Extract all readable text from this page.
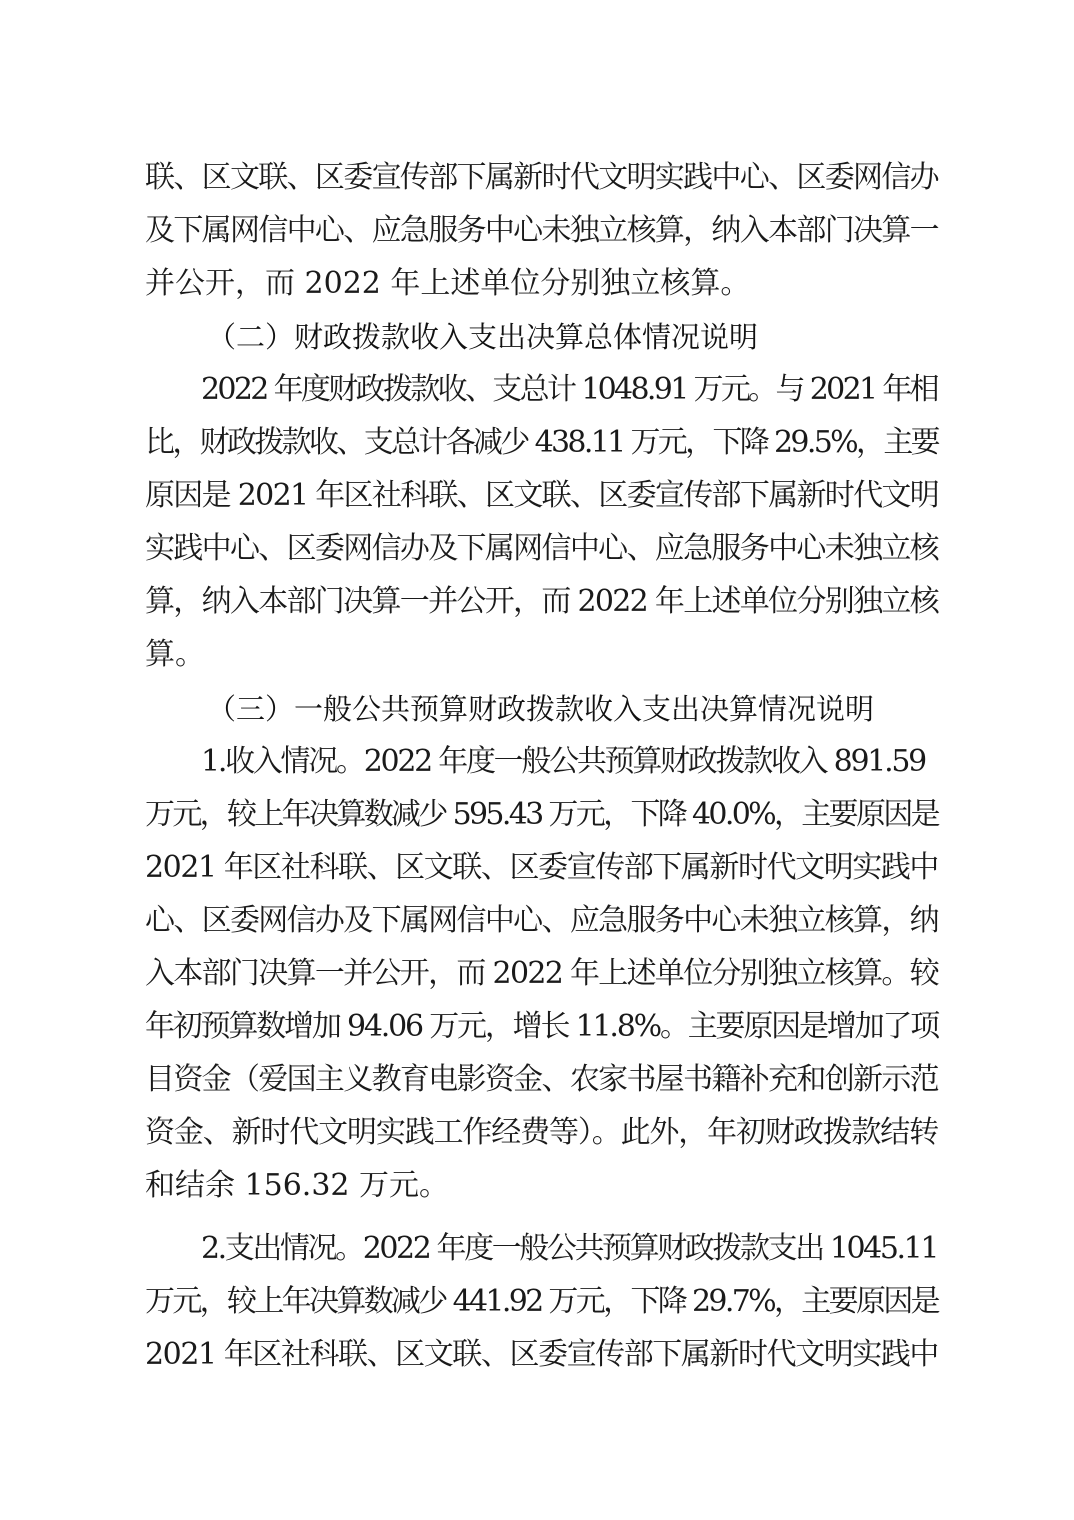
联、区文联、区委宣传部下属新时代文明实践中心、区委网信办
及下属网信中心、应急服务中心未独立核算，纳入本部门决算一
并公开，而 2022 年上述单位分别独立核算。
（二）财政拨款收入支出决算总体情况说明
2022 年度财政拨款收、支总计 1048.91 万元。与 2021 年相
比，财政拨款收、支总计各减少 438.11 万元，下降 29.5%，主要
原因是 2021 年区社科联、区文联、区委宣传部下属新时代文明
实践中心、区委网信办及下属网信中心、应急服务中心未独立核
算，纳入本部门决算一并公开，而 2022 年上述单位分别独立核
算。
（三）一般公共预算财政拨款收入支出决算情况说明
1.收入情况。2022 年度一般公共预算财政拨款收入 891.59
万元，较上年决算数减少 595.43 万元，下降 40.0%，主要原因是
2021 年区社科联、区文联、区委宣传部下属新时代文明实践中
心、区委网信办及下属网信中心、应急服务中心未独立核算，纳
入本部门决算一并公开，而 2022 年上述单位分别独立核算。较
年初预算数增加 94.06 万元，增长 11.8%。主要原因是增加了项
目资金（爱国主义教育电影资金、农家书屋书籍补充和创新示范
资金、新时代文明实践工作经费等）。此外，年初财政拨款结转
和结余 156.32 万元。
2.支出情况。2022 年度一般公共预算财政拨款支出 1045.11
万元，较上年决算数减少 441.92 万元，下降 29.7%，主要原因是
2021 年区社科联、区文联、区委宣传部下属新时代文明实践中
